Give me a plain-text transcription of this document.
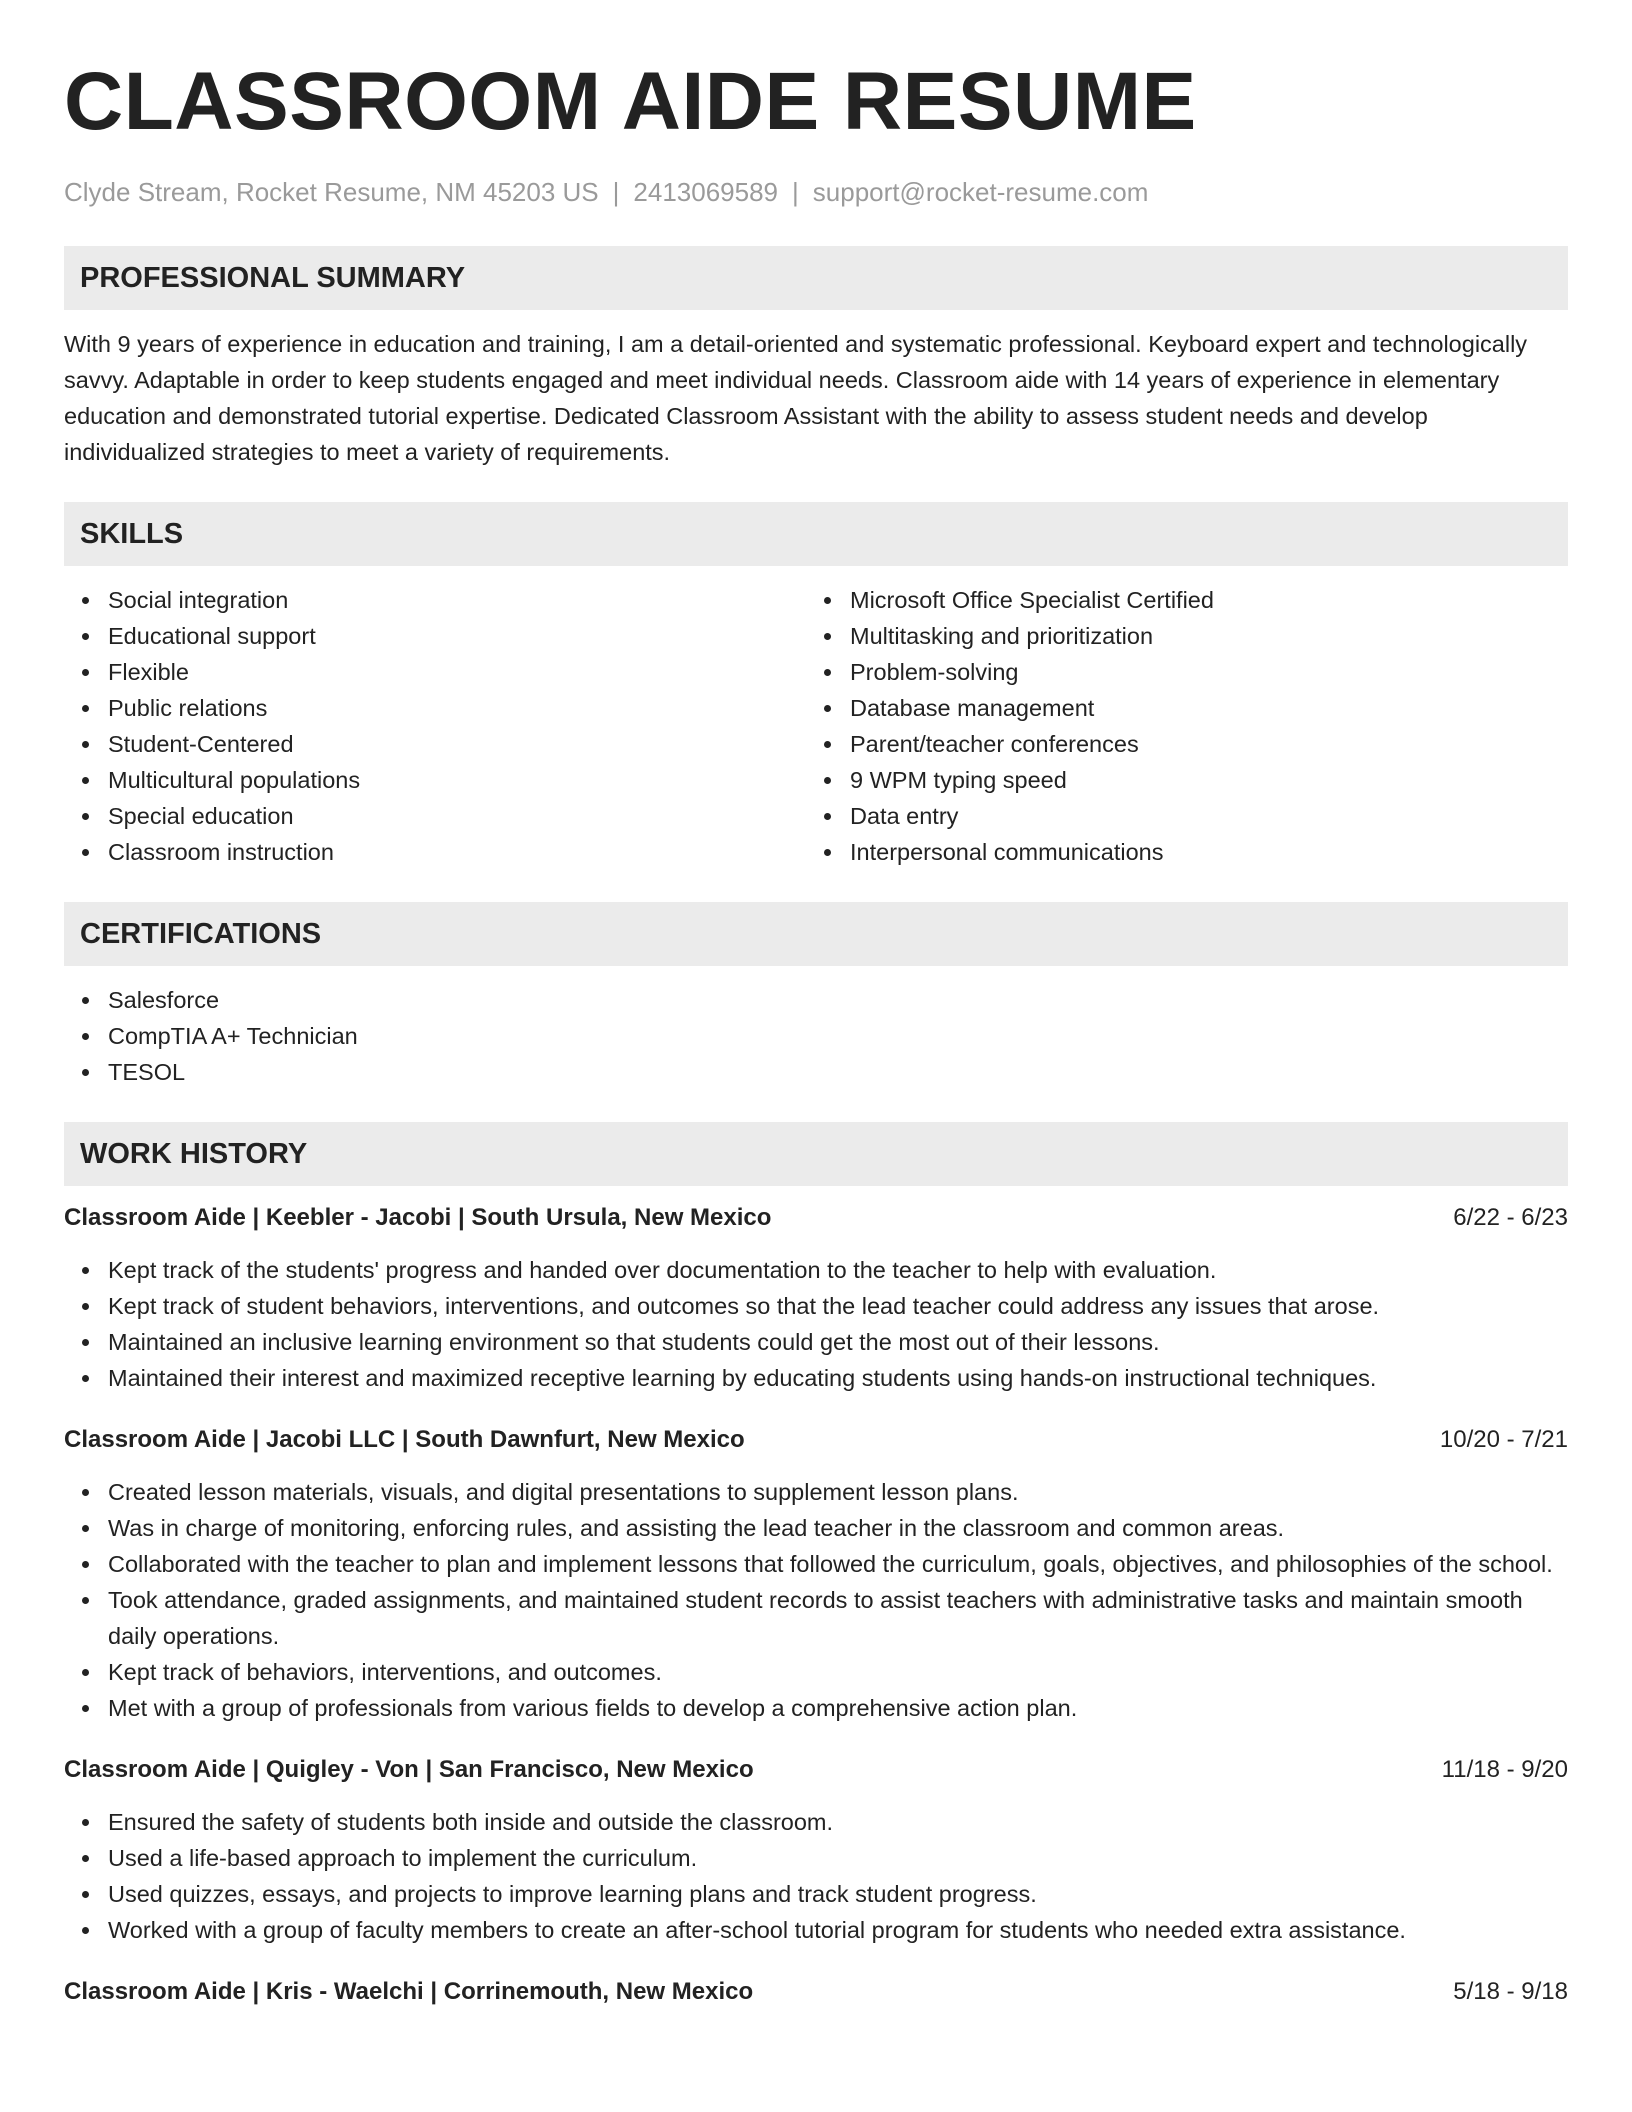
CLASSROOM AIDE RESUME
Clyde Stream, Rocket Resume, NM 45203 US | 2413069589 | support@rocket-resume.com
PROFESSIONAL SUMMARY

With 9 years of experience in education and training, I am a detail-oriented and systematic professional. Keyboard expert and technologically savvy. Adaptable in order to keep students engaged and meet individual needs. Classroom aide with 14 years of experience in elementary education and demonstrated tutorial expertise. Dedicated Classroom Assistant with the ability to assess student needs and develop individualized strategies to meet a variety of requirements.

SKILLS
Social integration
Educational support
Flexible
Public relations
Student-Centered
Multicultural populations
Special education
Classroom instruction
Microsoft Office Specialist Certified
Multitasking and prioritization
Problem-solving
Database management
Parent/teacher conferences
9 WPM typing speed
Data entry
Interpersonal communications
CERTIFICATIONS
Salesforce
CompTIA A+ Technician
TESOL
WORK HISTORY
Classroom Aide | Keebler - Jacobi | South Ursula, New Mexico	6/22 - 6/23
Kept track of the students' progress and handed over documentation to the teacher to help with evaluation.
Kept track of student behaviors, interventions, and outcomes so that the lead teacher could address any issues that arose.
Maintained an inclusive learning environment so that students could get the most out of their lessons.
Maintained their interest and maximized receptive learning by educating students using hands-on instructional techniques.
Classroom Aide | Jacobi LLC | South Dawnfurt, New Mexico	10/20 - 7/21
Created lesson materials, visuals, and digital presentations to supplement lesson plans.
Was in charge of monitoring, enforcing rules, and assisting the lead teacher in the classroom and common areas.
Collaborated with the teacher to plan and implement lessons that followed the curriculum, goals, objectives, and philosophies of the school.
Took attendance, graded assignments, and maintained student records to assist teachers with administrative tasks and maintain smooth daily operations.
Kept track of behaviors, interventions, and outcomes.
Met with a group of professionals from various fields to develop a comprehensive action plan.
Classroom Aide | Quigley - Von | San Francisco, New Mexico	11/18 - 9/20
Ensured the safety of students both inside and outside the classroom.
Used a life-based approach to implement the curriculum.
Used quizzes, essays, and projects to improve learning plans and track student progress.
Worked with a group of faculty members to create an after-school tutorial program for students who needed extra assistance.
Classroom Aide | Kris - Waelchi | Corrinemouth, New Mexico	5/18 - 9/18
